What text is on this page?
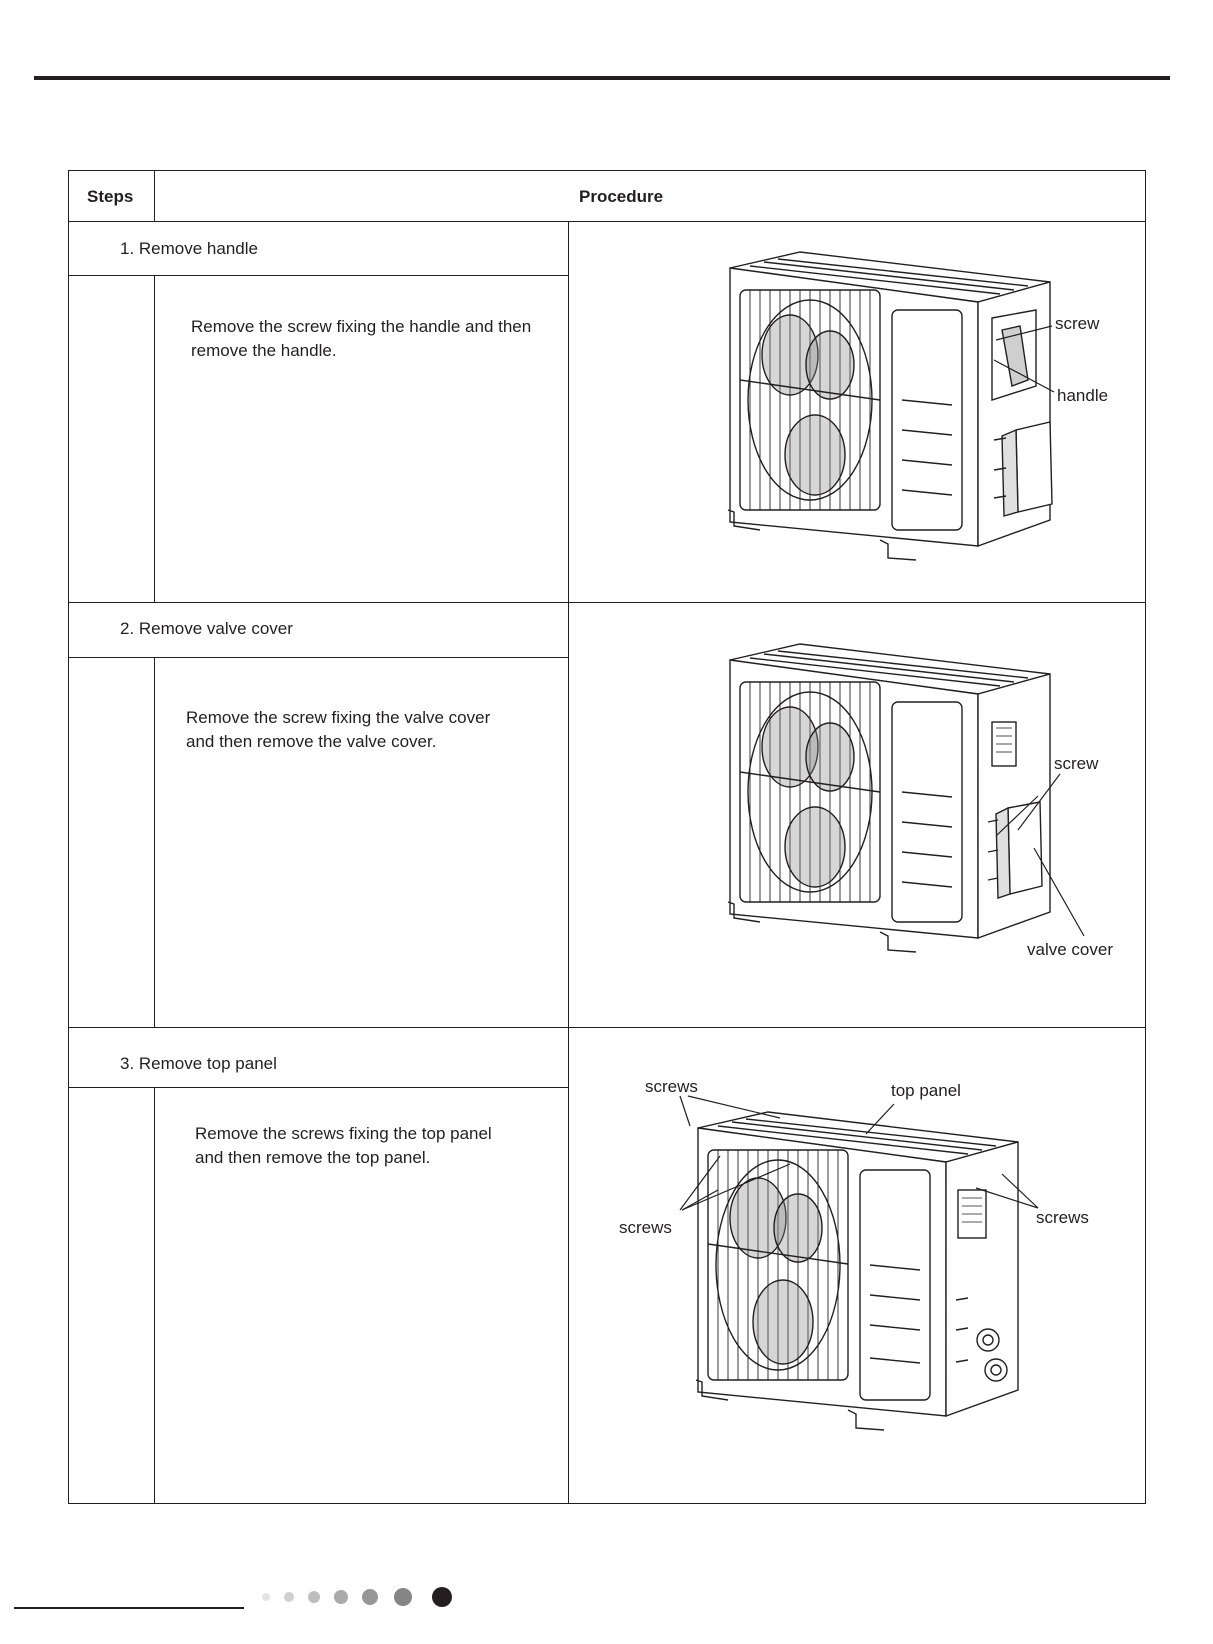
Steps	Procedure
1. Remove handle
Remove the screw fixing the handle and then
remove the handle.
2. Remove valve cover
Remove the screw fixing the valve cover
and then remove the valve cover.
3. Remove top panel
Remove the screws fixing the top panel
and then remove the top panel.
screw
handle
screw
valve cover
screws	top panel
screws
screws
